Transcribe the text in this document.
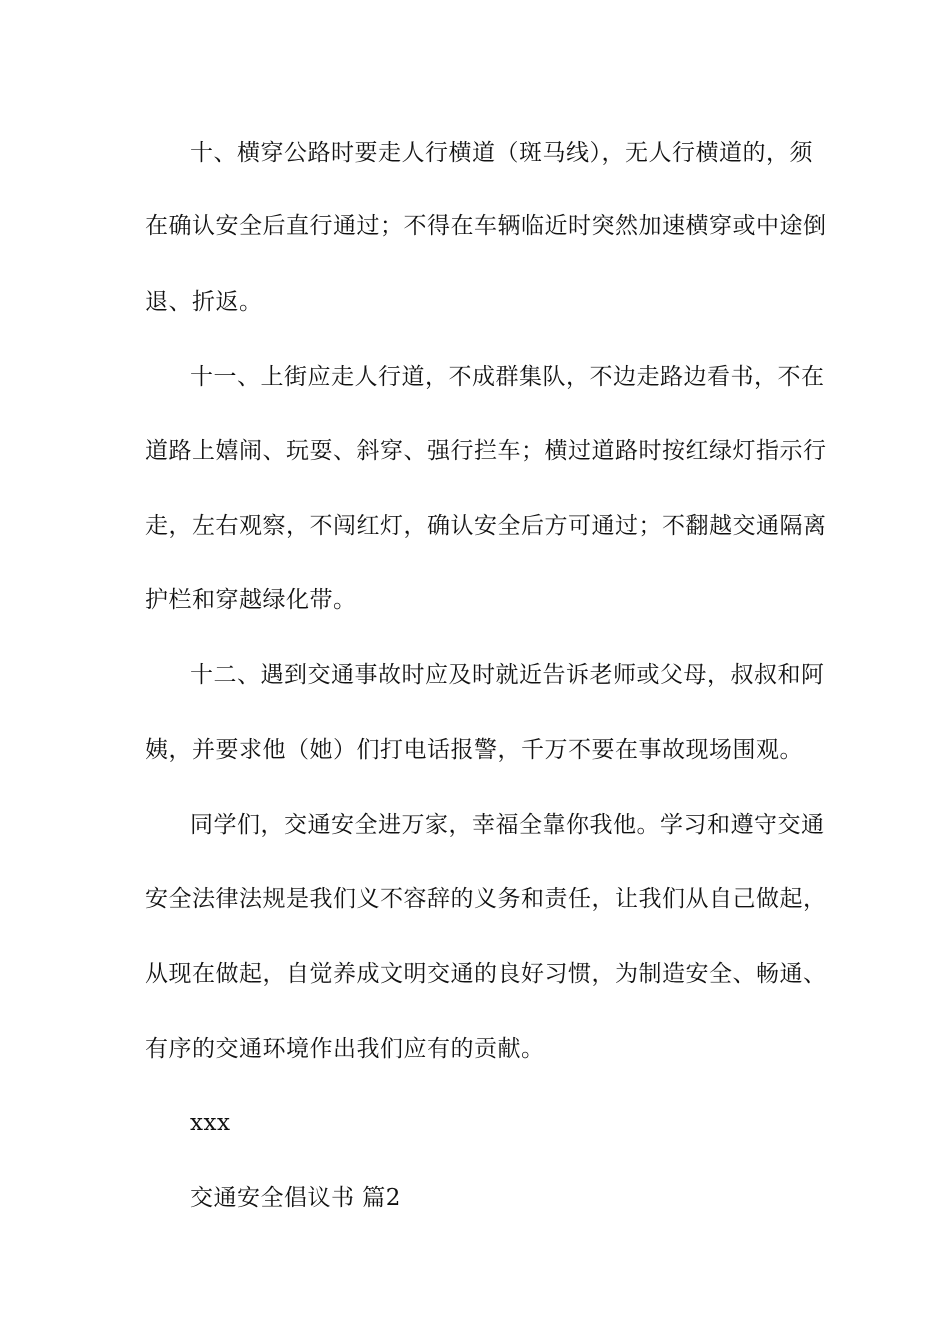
十、横穿公路时要走人行横道（斑马线），无人行横道的，须
在确认安全后直行通过；不得在车辆临近时突然加速横穿或中途倒
退、折返。
十一、上街应走人行道，不成群集队，不边走路边看书，不在
道路上嬉闹、玩耍、斜穿、强行拦车；横过道路时按红绿灯指示行
走，左右观察，不闯红灯，确认安全后方可通过；不翻越交通隔离
护栏和穿越绿化带。
十二、遇到交通事故时应及时就近告诉老师或父母，叔叔和阿
姨，并要求他（她）们打电话报警，千万不要在事故现场围观。
同学们，交通安全进万家，幸福全靠你我他。学习和遵守交通
安全法律法规是我们义不容辞的义务和责任，让我们从自己做起，
从现在做起，自觉养成文明交通的良好习惯，为制造安全、畅通、
有序的交通环境作出我们应有的贡献。
xxx
交通安全倡议书 篇2
